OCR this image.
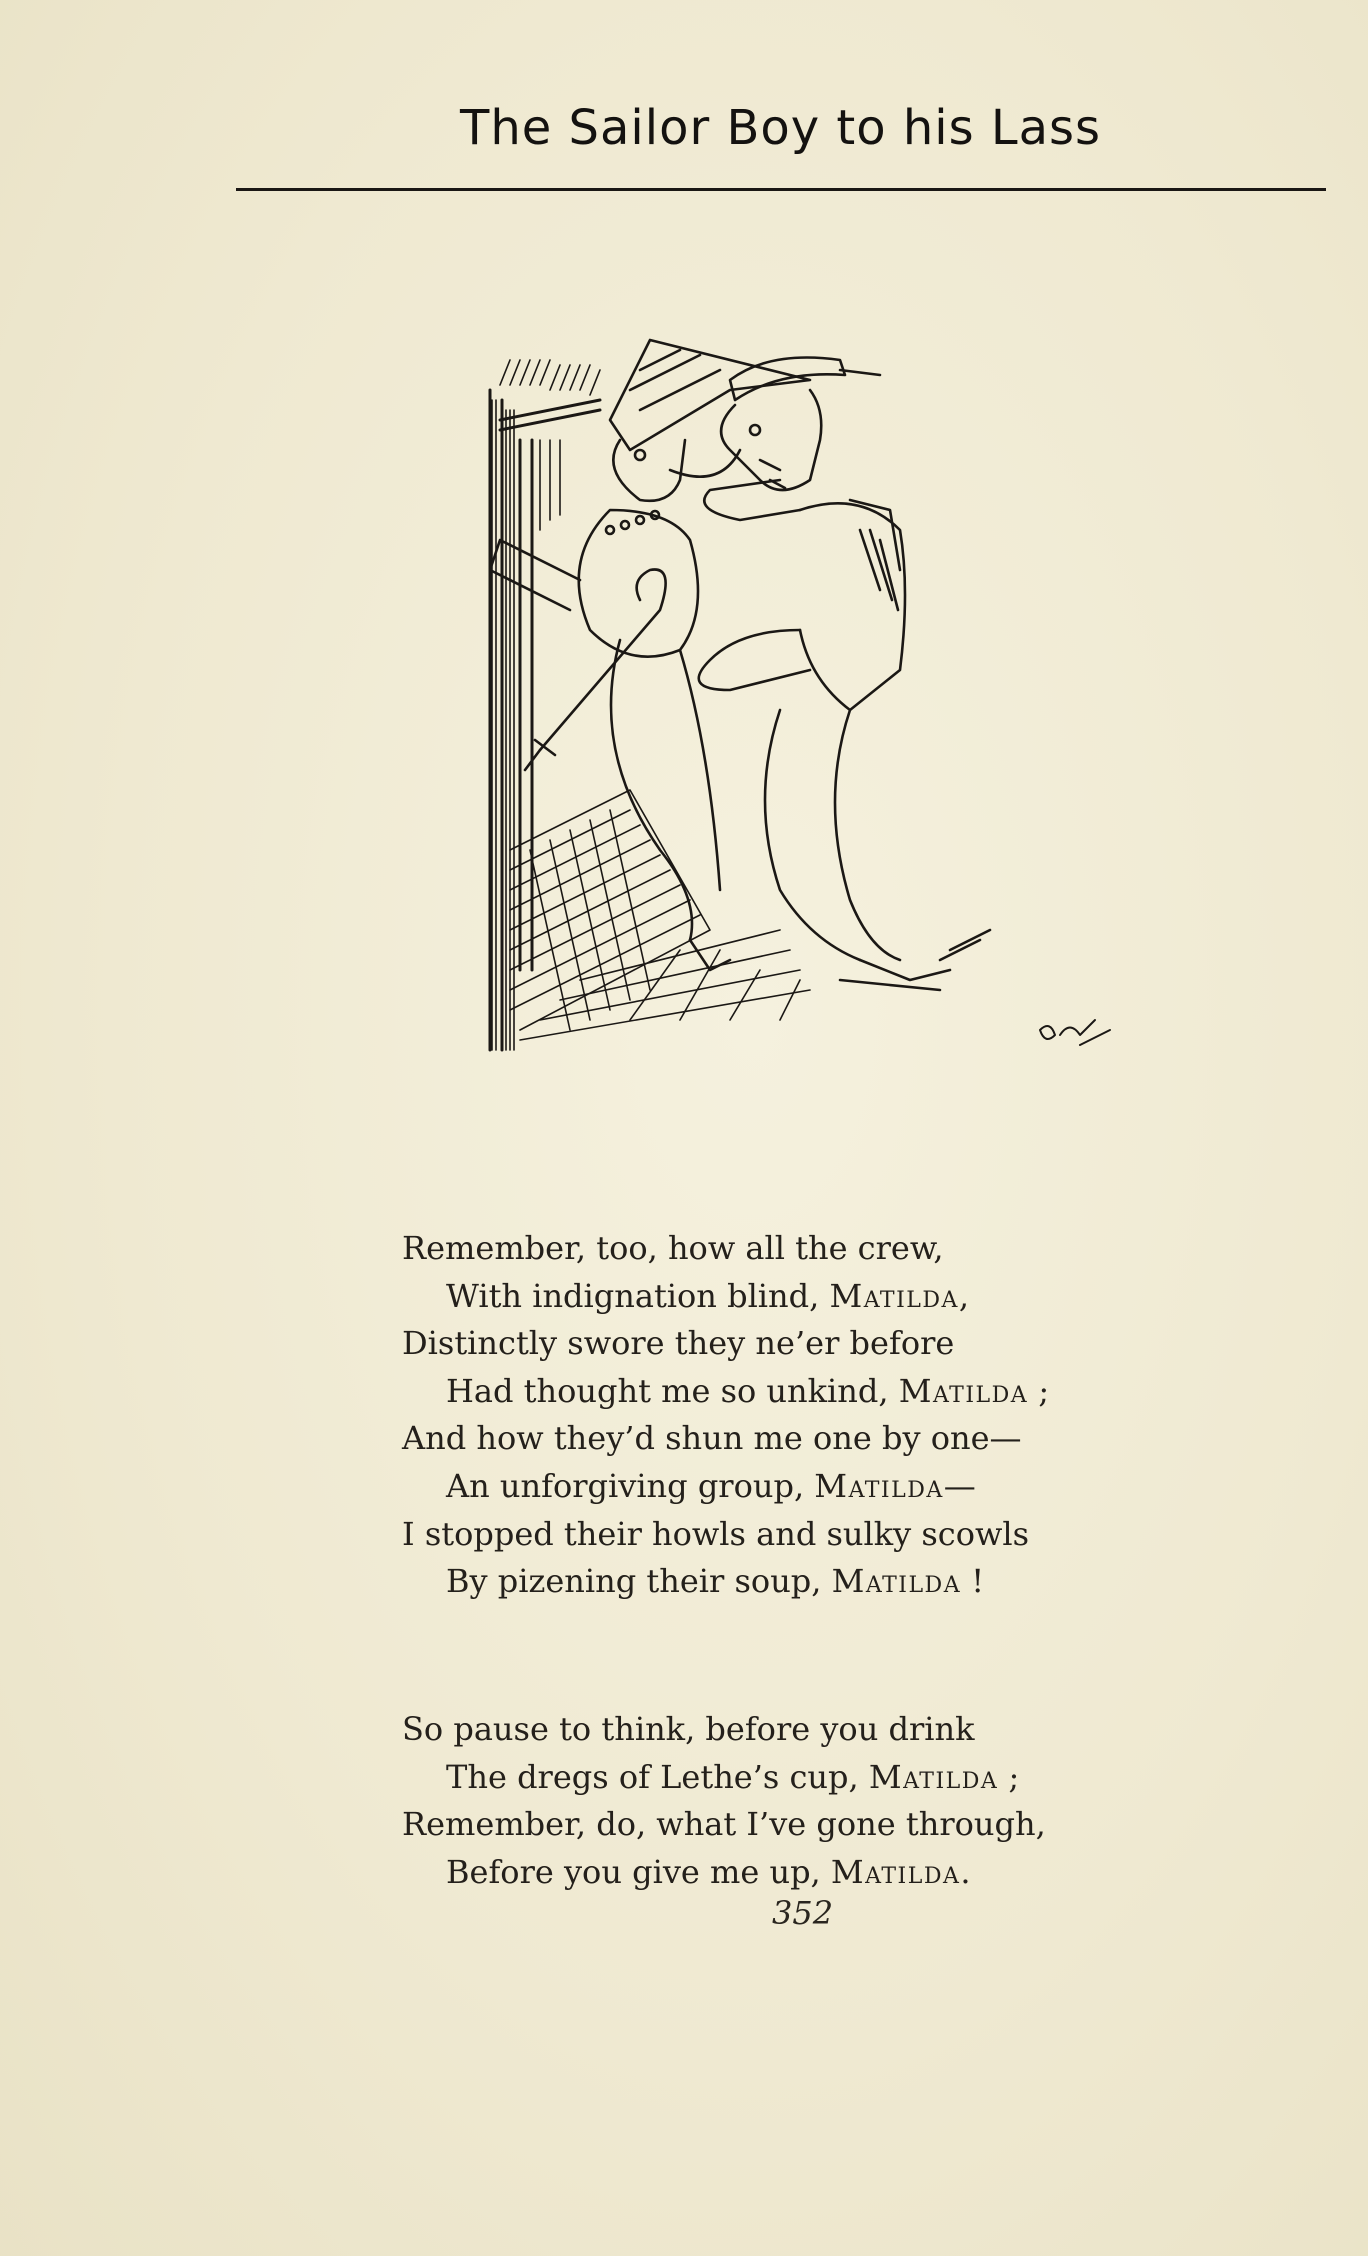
The Sailor Boy to his Lass
Remember, too, how all the crew,
With indignation blind, Matilda,
Distinctly swore they ne’er before
Had thought me so unkind, Matilda ;
And how they’d shun me one by one—
An unforgiving group, Matilda—
I stopped their howls and sulky scowls
By pizening their soup, Matilda !
So pause to think, before you drink
The dregs of Lethe’s cup, Matilda ;
Remember, do, what I’ve gone through,
Before you give me up, Matilda.
352
